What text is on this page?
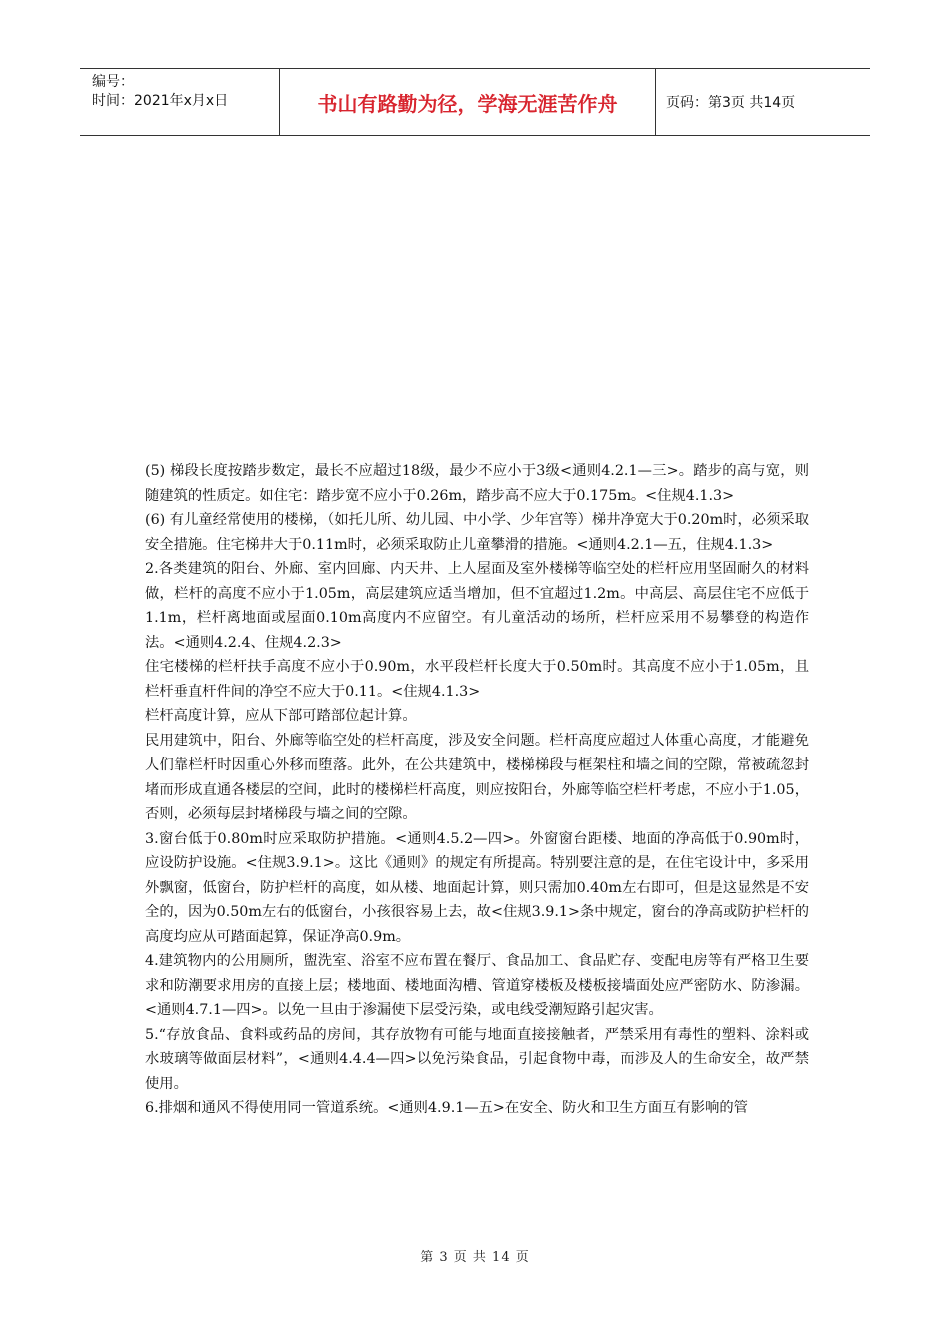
编号：
时间：2021年x月x日	书山有路勤为径，学海无涯苦作舟	页码：第3页 共14页

(5) 梯段长度按踏步数定，最长不应超过18级，最少不应小于3级<通则4.2.1—三>。踏步的高与宽，则随建筑的性质定。如住宅：踏步宽不应小于0.26m，踏步高不应大于0.175m。<住规4.1.3>

(6) 有儿童经常使用的楼梯，（如托儿所、幼儿园、中小学、少年宫等）梯井净宽大于0.20m时，必须采取安全措施。住宅梯井大于0.11m时，必须采取防止儿童攀滑的措施。<通则4.2.1—五，住规4.1.3>

2.各类建筑的阳台、外廊、室内回廊、内天井、上人屋面及室外楼梯等临空处的栏杆应用坚固耐久的材料做，栏杆的高度不应小于1.05m，高层建筑应适当增加，但不宜超过1.2m。中高层、高层住宅不应低于1.1m，栏杆离地面或屋面0.10m高度内不应留空。有儿童活动的场所，栏杆应采用不易攀登的构造作法。<通则4.2.4、住规4.2.3>

住宅楼梯的栏杆扶手高度不应小于0.90m，水平段栏杆长度大于0.50m时。其高度不应小于1.05m，且栏杆垂直杆件间的净空不应大于0.11。<住规4.1.3>

栏杆高度计算，应从下部可踏部位起计算。

民用建筑中，阳台、外廊等临空处的栏杆高度，涉及安全问题。栏杆高度应超过人体重心高度，才能避免人们靠栏杆时因重心外移而堕落。此外，在公共建筑中，楼梯梯段与框架柱和墙之间的空隙，常被疏忽封堵而形成直通各楼层的空间，此时的楼梯栏杆高度，则应按阳台，外廊等临空栏杆考虑，不应小于1.05，否则，必须每层封堵梯段与墙之间的空隙。

3.窗台低于0.80m时应采取防护措施。<通则4.5.2—四>。外窗窗台距楼、地面的净高低于0.90m时，应设防护设施。<住规3.9.1>。这比《通则》的规定有所提高。特别要注意的是，在住宅设计中，多采用外飘窗，低窗台，防护栏杆的高度，如从楼、地面起计算，则只需加0.40m左右即可，但是这显然是不安全的，因为0.50m左右的低窗台，小孩很容易上去，故<住规3.9.1>条中规定，窗台的净高或防护栏杆的高度均应从可踏面起算，保证净高0.9m。

4.建筑物内的公用厕所，盥洗室、浴室不应布置在餐厅、食品加工、食品贮存、变配电房等有严格卫生要求和防潮要求用房的直接上层；楼地面、楼地面沟槽、管道穿楼板及楼板接墙面处应严密防水、防渗漏。<通则4.7.1—四>。以免一旦由于渗漏使下层受污染，或电线受潮短路引起灾害。

5.“存放食品、食料或药品的房间，其存放物有可能与地面直接接触者，严禁采用有毒性的塑料、涂料或水玻璃等做面层材料”，<通则4.4.4—四>以免污染食品，引起食物中毒，而涉及人的生命安全，故严禁使用。

6.排烟和通风不得使用同一管道系统。<通则4.9.1—五>在安全、防火和卫生方面互有影响的管

第 3 页 共 14 页
